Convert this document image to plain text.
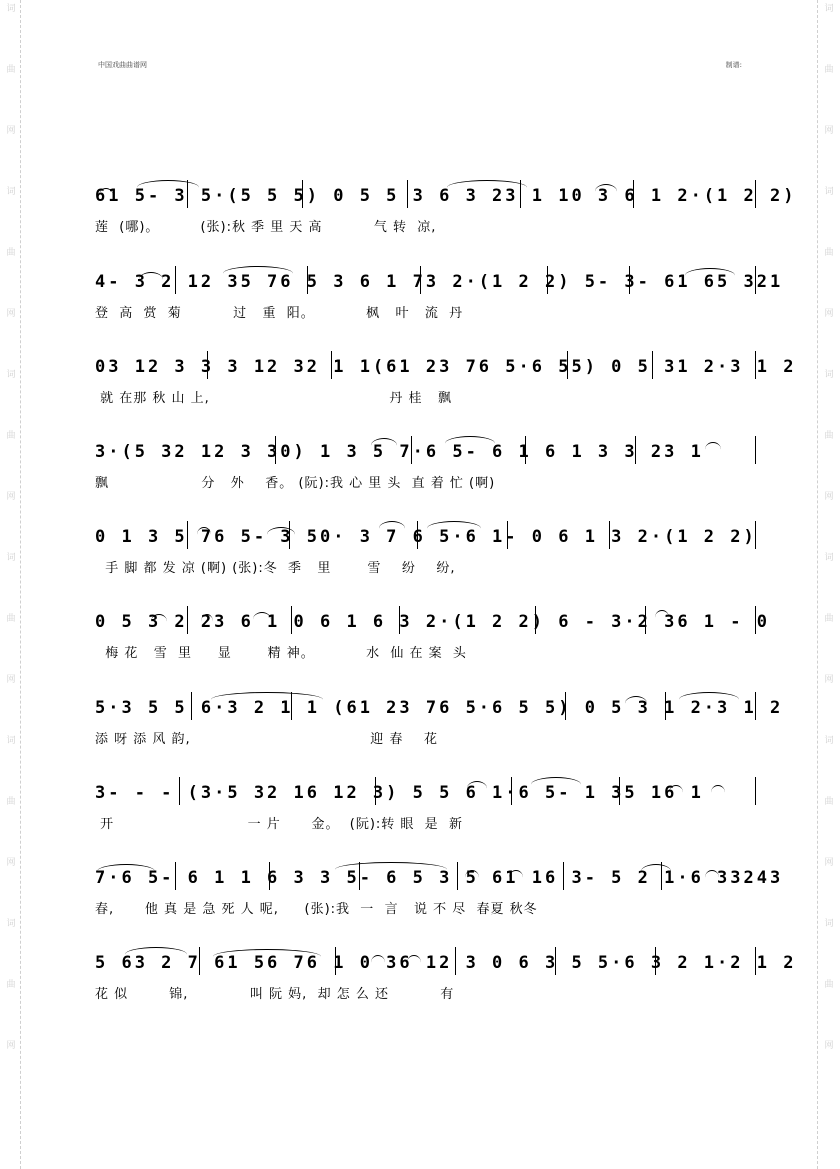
词
曲
网
词
曲
网
词
曲
网
词
曲
网
词
曲
网
词
曲
网
词
曲
网
词
曲
网
词
曲
网
词
曲
网
词
曲
网
词
曲
网
中国戏曲曲谱网	制谱:
61 5- 3 5·(5 5 5) 0 5 5 3 6 3 23 1 10 3 6 1 2·(1 2 2)
莲  (哪)。        (张):秋 季 里 天 高          气 转  凉,
4- 3 2 12 35 76 5 3 6 1 73 2·(1 2 2) 5- 3- 61 65 321
登  高  赏  菊          过   重  阳。          枫   叶   流  丹
03 12 3 3 3 12 32 1 1(61 23 76 5·6 55) 0 5 31 2·3 1 2
就 在那 秋 山 上,                                   丹 桂   飘
3·(5 32 12 3 30) 1 3 5 7·6 5- 6 1 6 1 3 3 23 1
飘                  分   外    香。 (阮):我 心 里 头  直 着 忙 (啊)
0 1 3 5 76 5- 3 50· 3 7 6 5·6 1- 0 6 1 3 2·(1 2 2)
手 脚 都 发 凉 (啊) (张):冬  季   里       雪    纷    纷,
0 5 3 2 23 6 1 0 6 1 6 3 2·(1 2 2) 6 - 3·2 36 1 - 0
梅 花   雪  里     显       精 神。          水  仙 在 案  头
5·3 5 5 6·3 2 1 1 (61 23 76 5·6 5 5) 0 5 3 1 2·3 1 2
添 呀 添 风 韵,                                   迎 春    花
3- - - (3·5 32 16 12 3) 5 5 6 1·6 5- 1 35 16 1
开                          一 片      金。  (阮):转 眼  是  新
7·6 5- 6 1 1 6 3 3 5- 6 5 3 5 61 16 3- 5 2 1·6 33243
春,      他 真 是 急 死 人 呢,     (张):我  一  言   说 不 尽  春夏 秋冬
5 63 2 7 61 56 76 1 0 36 12 3 0 6 3 5 5·6 3 2 1·2 1 2
花 似        锦,            叫 阮 妈,  却 怎 么 还          有
